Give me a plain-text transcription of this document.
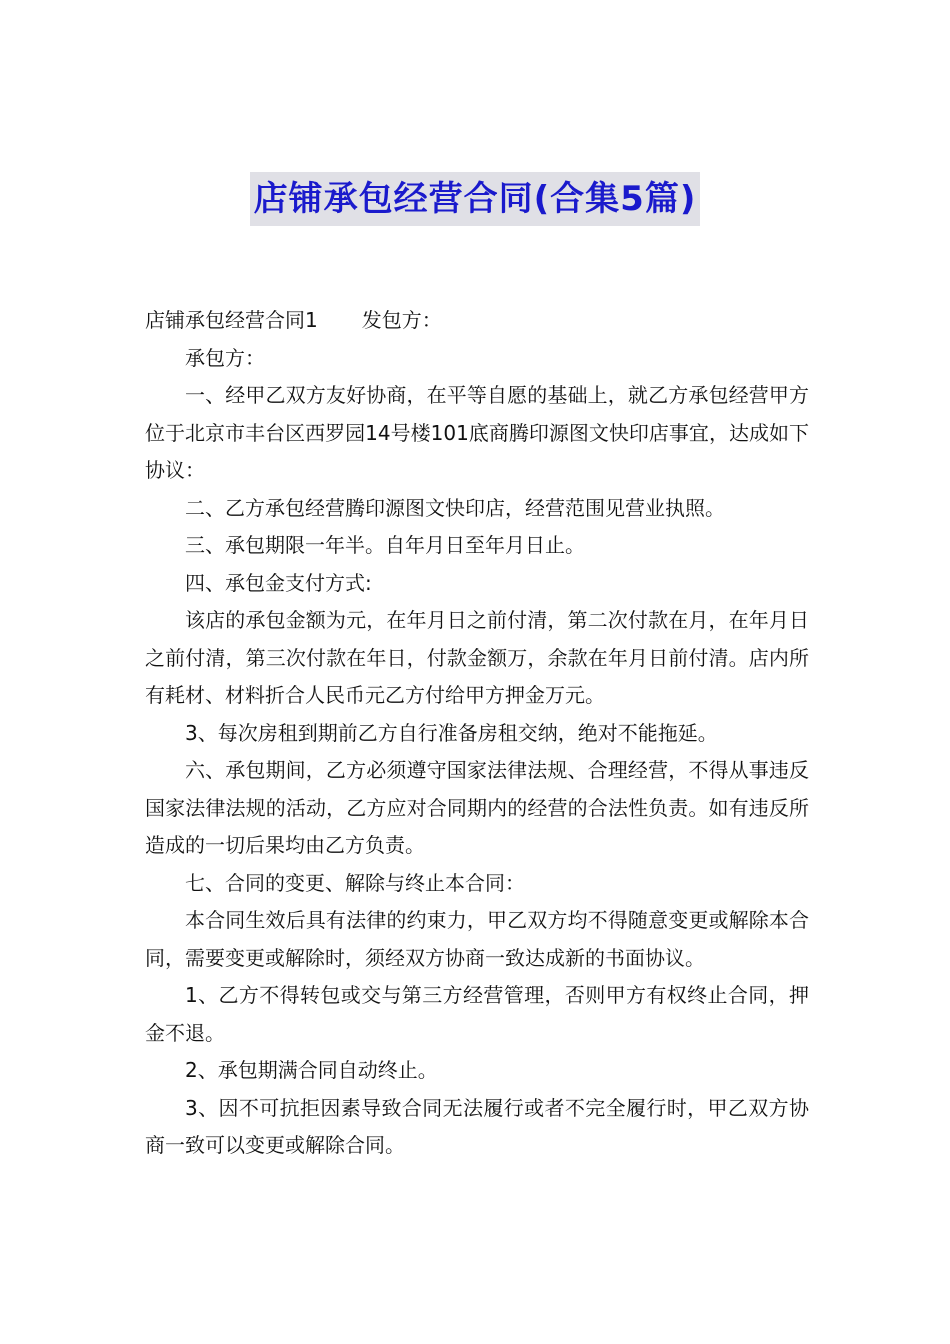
店铺承包经营合同(合集5篇)

店铺承包经营合同1 发包方：

承包方：

一、经甲乙双方友好协商，在平等自愿的基础上，就乙方承包经营甲方位于北京市丰台区西罗园14号楼101底商腾印源图文快印店事宜，达成如下协议：

二、乙方承包经营腾印源图文快印店，经营范围见营业执照。

三、承包期限一年半。自年月日至年月日止。

四、承包金支付方式:

该店的承包金额为元，在年月日之前付清，第二次付款在月，在年月日之前付清，第三次付款在年日，付款金额万，余款在年月日前付清。店内所有耗材、材料折合人民币元乙方付给甲方押金万元。

3、每次房租到期前乙方自行准备房租交纳，绝对不能拖延。

六、承包期间，乙方必须遵守国家法律法规、合理经营，不得从事违反国家法律法规的活动，乙方应对合同期内的经营的合法性负责。如有违反所造成的一切后果均由乙方负责。

七、合同的变更、解除与终止本合同：

本合同生效后具有法律的约束力，甲乙双方均不得随意变更或解除本合同，需要变更或解除时，须经双方协商一致达成新的书面协议。

1、乙方不得转包或交与第三方经营管理，否则甲方有权终止合同，押金不退。

2、承包期满合同自动终止。

3、因不可抗拒因素导致合同无法履行或者不完全履行时，甲乙双方协商一致可以变更或解除合同。
